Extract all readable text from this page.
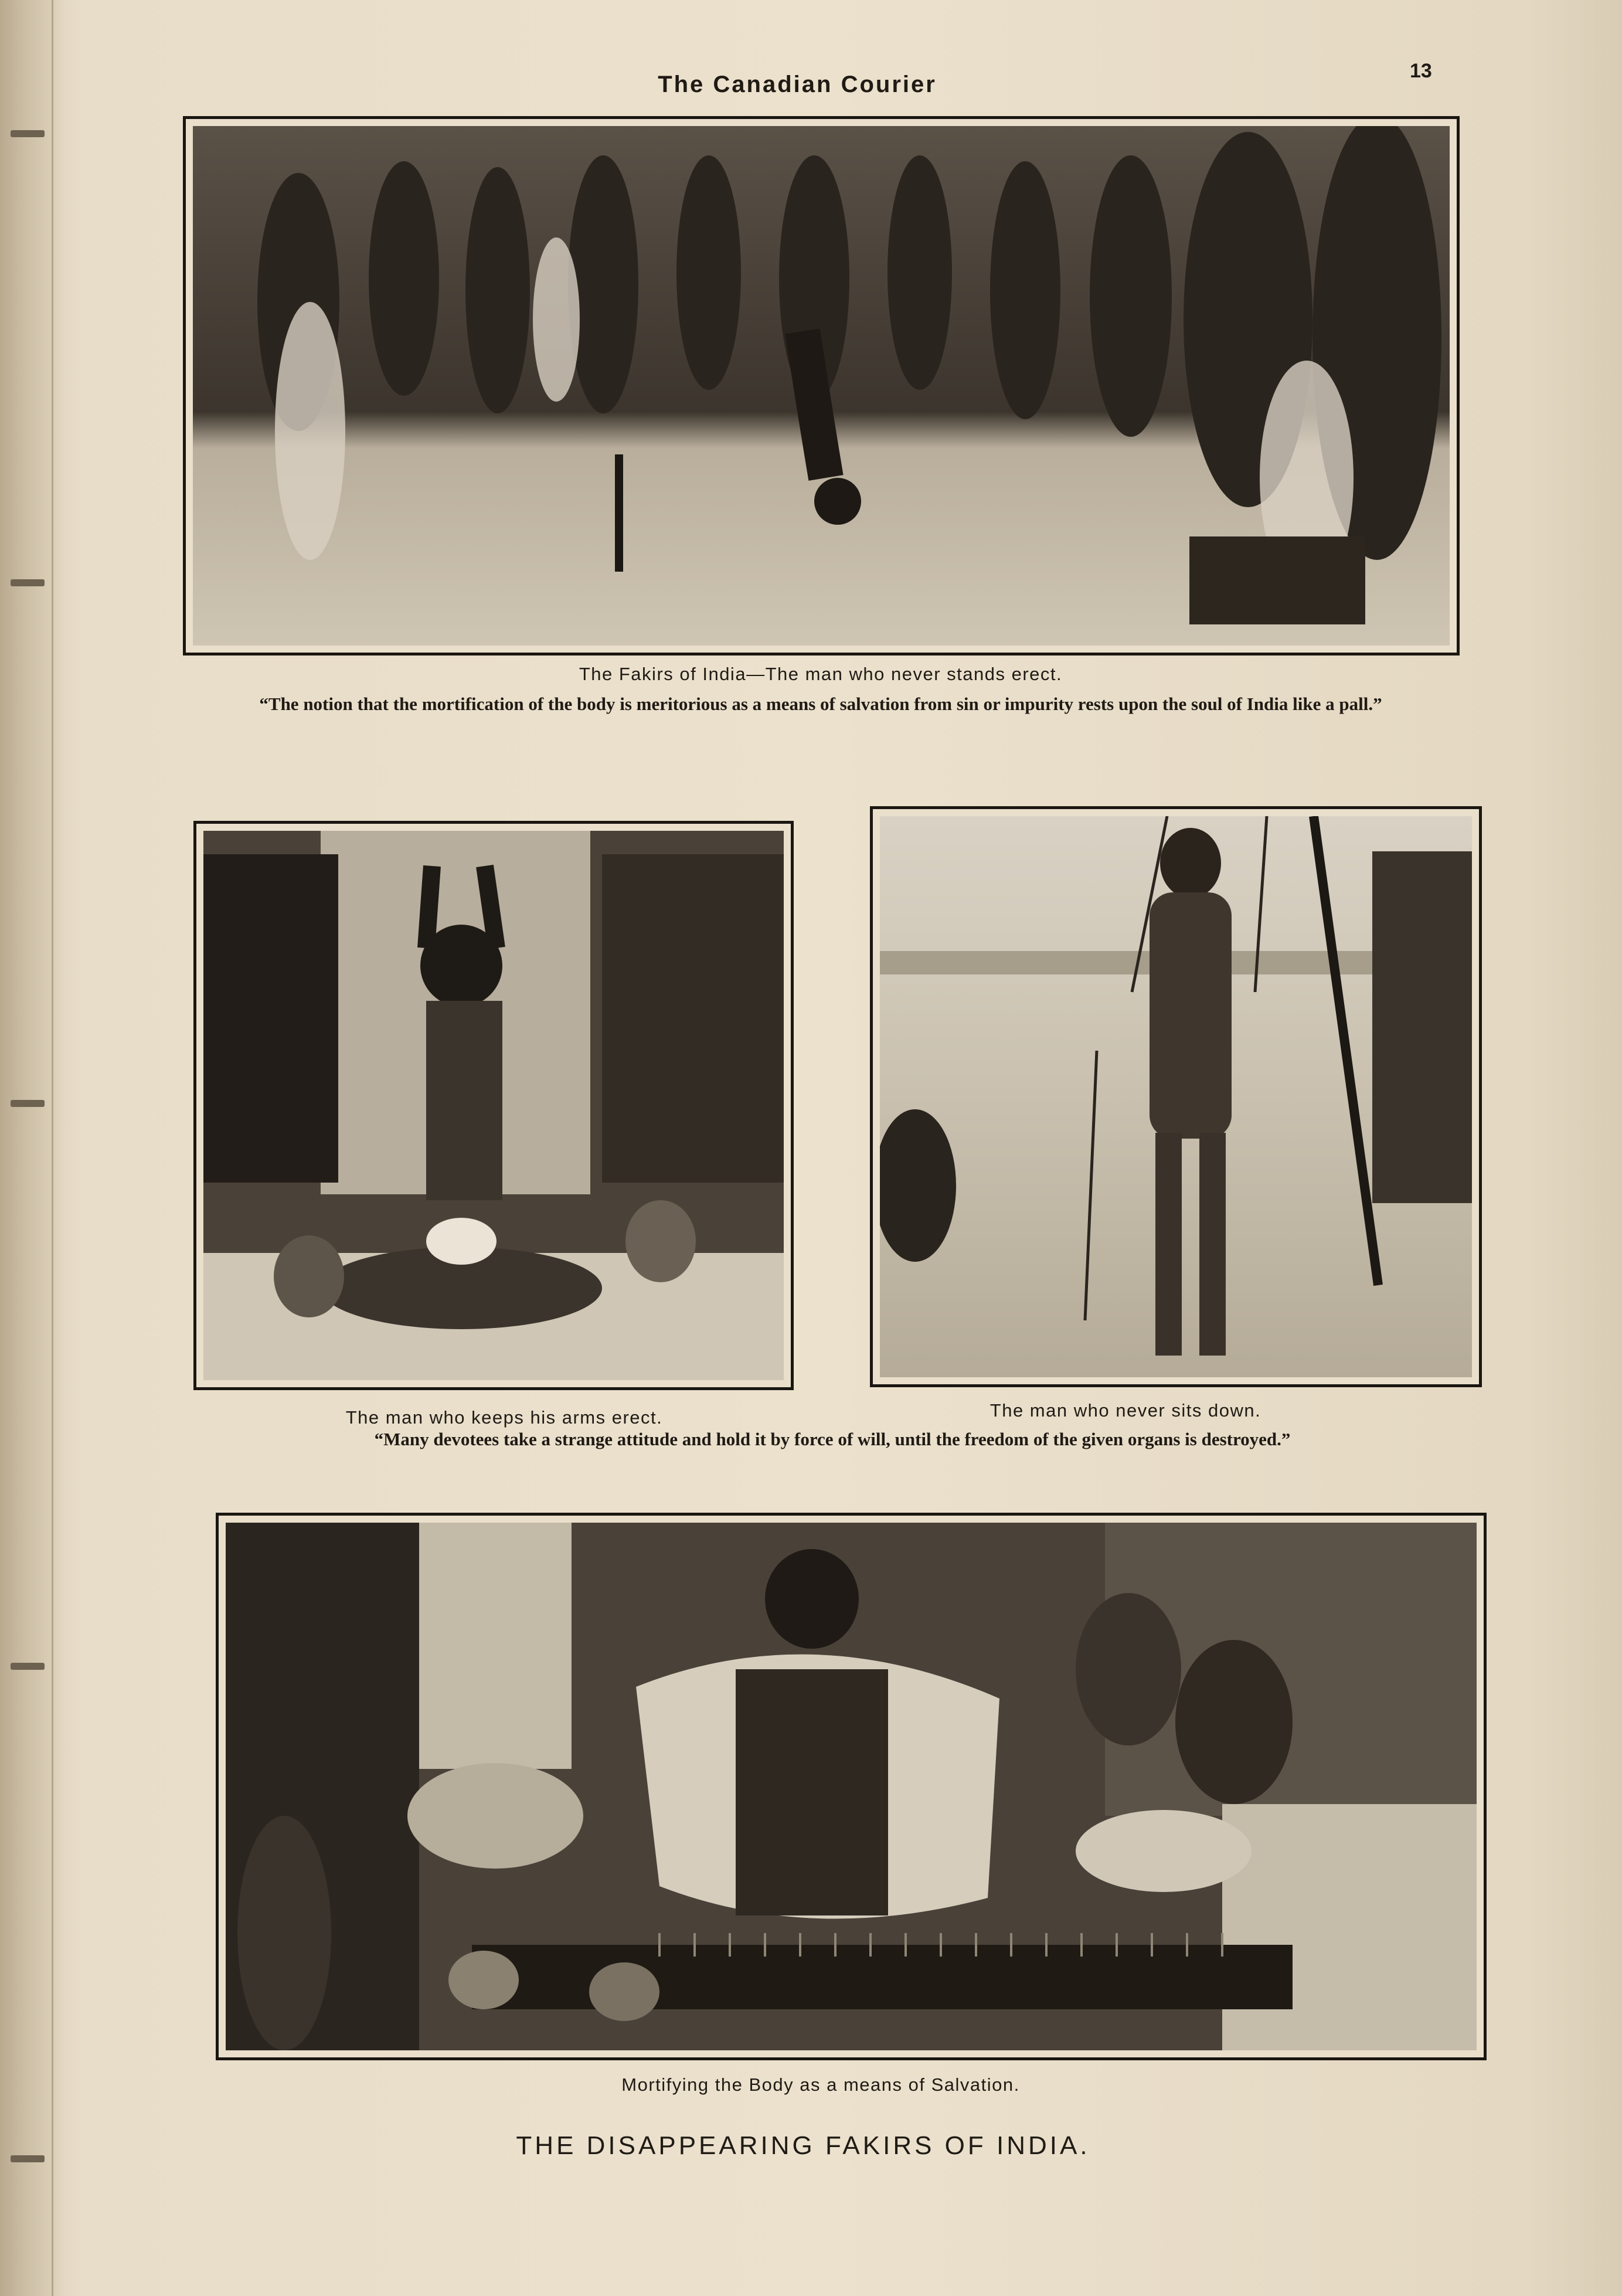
The Canadian Courier
13
The Fakirs of India—The man who never stands erect.
“The notion that the mortification of the body is meritorious as a means of salvation from sin or impurity rests upon the soul of India like a pall.”
The man who keeps his arms erect.	The man who never sits down.
“Many devotees take a strange attitude and hold it by force of will, until the freedom of the given organs is destroyed.”
Mortifying the Body as a means of Salvation.
THE DISAPPEARING FAKIRS OF INDIA.
